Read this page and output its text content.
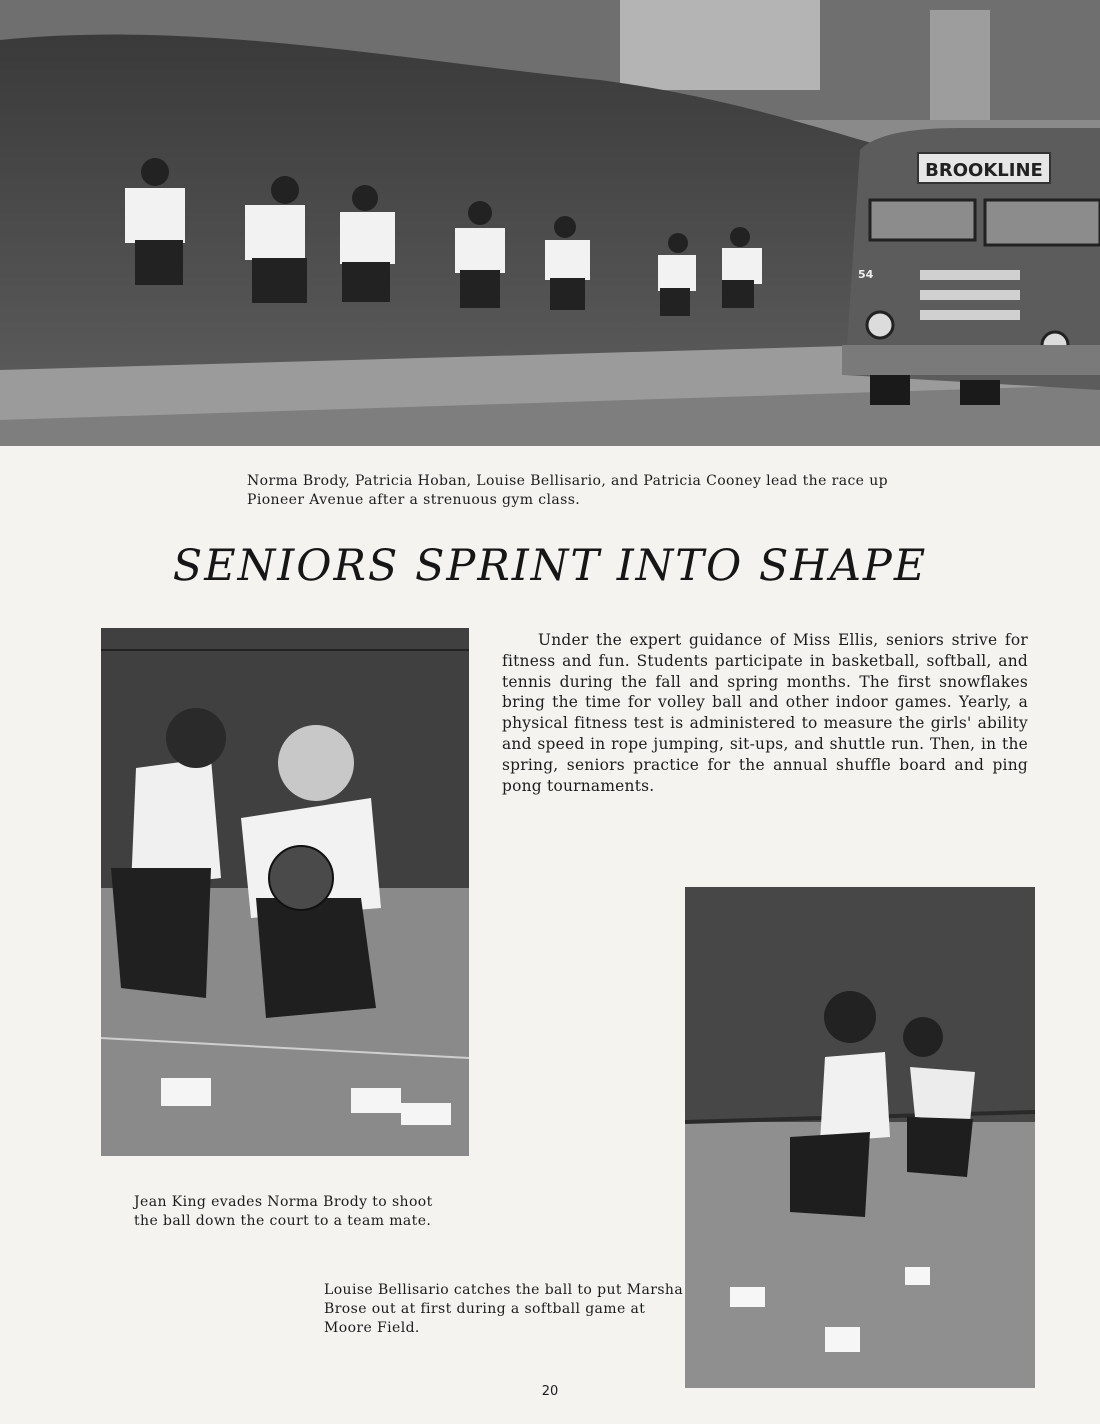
BROOKLINE
54
Norma Brody, Patricia Hoban, Louise Bellisario, and Patricia Cooney lead the race up
Pioneer Avenue after a strenuous gym class.
SENIORS SPRINT INTO SHAPE

Under the expert guidance of Miss Ellis, seniors strive for fitness and fun. Students participate in basketball, softball, and tennis during the fall and spring months. The first snowflakes bring the time for volley ball and other indoor games. Yearly, a physical fitness test is administered to measure the girls' ability and speed in rope jumping, sit-ups, and shuttle run. Then, in the spring, seniors practice for the annual shuffle board and ping pong tournaments.

Jean King evades Norma Brody to shoot
the ball down the court to a team mate.
Louise Bellisario catches the ball to put Marsha
Brose out at first during a softball game at
Moore Field.
20
